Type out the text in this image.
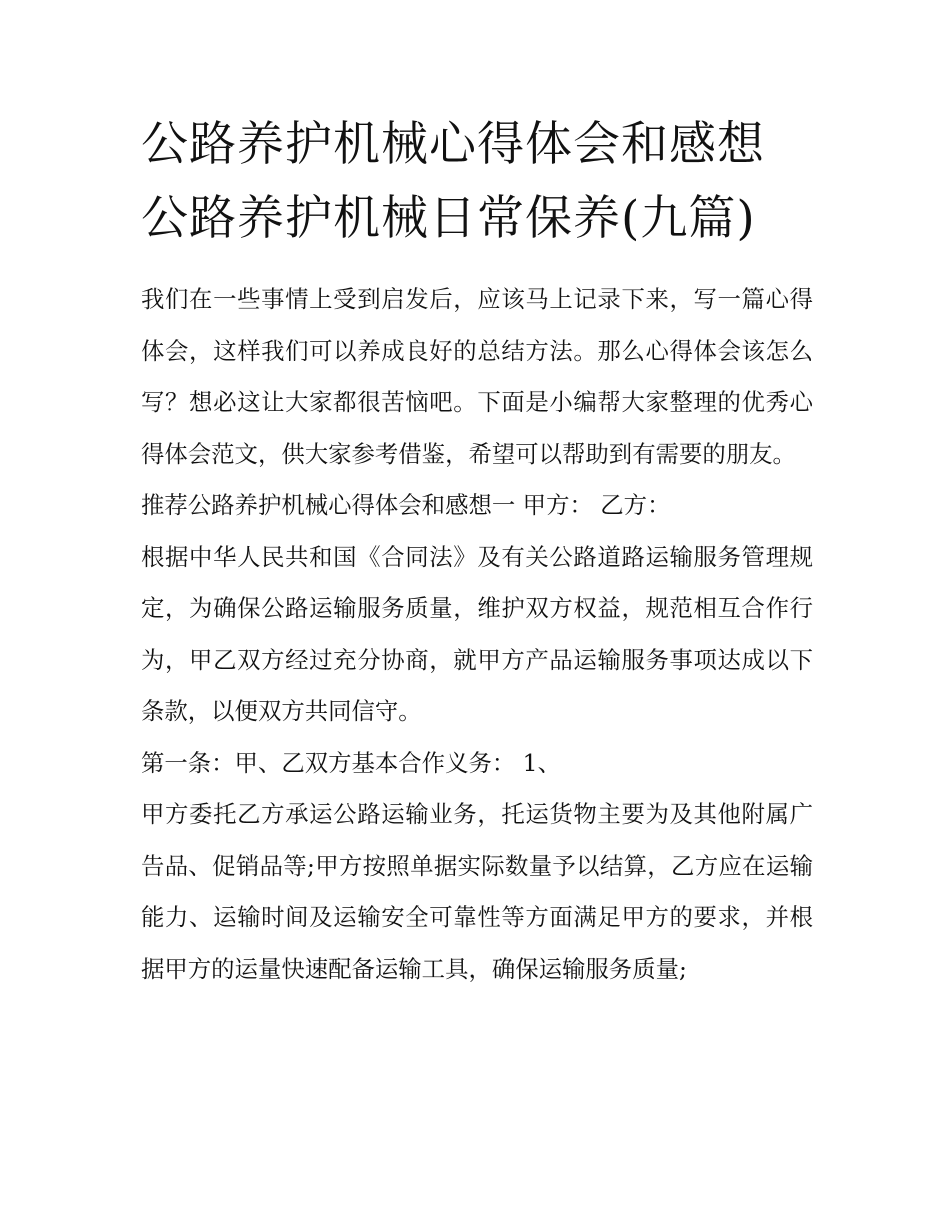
公路养护机械心得体会和感想
公路养护机械日常保养(九篇)

我们在一些事情上受到启发后，应该马上记录下来，写一篇心得体会，这样我们可以养成良好的总结方法。那么心得体会该怎么写？想必这让大家都很苦恼吧。下面是小编帮大家整理的优秀心得体会范文，供大家参考借鉴，希望可以帮助到有需要的朋友。

推荐公路养护机械心得体会和感想一 甲方： 乙方：

根据中华人民共和国《合同法》及有关公路道路运输服务管理规定，为确保公路运输服务质量，维护双方权益，规范相互合作行为，甲乙双方经过充分协商，就甲方产品运输服务事项达成以下条款，以便双方共同信守。

第一条：甲、乙双方基本合作义务： 1、

甲方委托乙方承运公路运输业务，托运货物主要为及其他附属广告品、促销品等;甲方按照单据实际数量予以结算，乙方应在运输能力、运输时间及运输安全可靠性等方面满足甲方的要求，并根据甲方的运量快速配备运输工具，确保运输服务质量;
